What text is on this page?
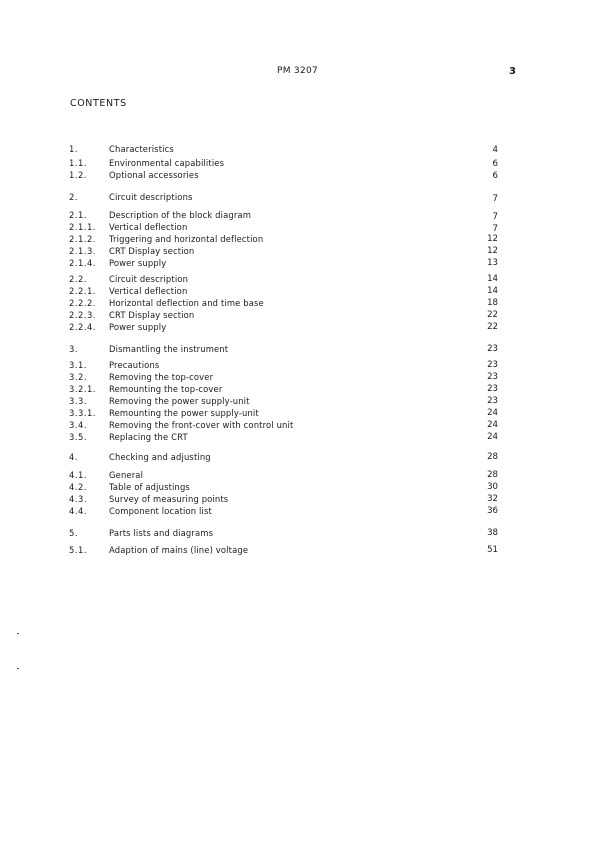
PM 3207	3
CONTENTS
1.	Characteristics	4
1.1.	Environmental capabilities	6
1.2.	Optional accessories	6
2.	Circuit descriptions	7
2.1.	Description of the block diagram	7
2.1.1. Vertical deflection	7
2.1.2. Triggering and horizontal deflection	12
2.1.3. CRT Display section	12
2.1.4. Power supply	13
2.2.	Circuit description	14
2.2.1. Vertical deflection	14
2.2.2. Horizontal deflection and time base	18
2.2.3. CRT Display section	22
2.2.4. Power supply	22
3.	Dismantling the instrument	23
3.1.	Precautions	23
3.2.	Removing the top-cover	23
3.2.1. Remounting the top-cover	23
3.3.	Removing the power supply-unit	23
3.3.1. Remounting the power supply-unit	24
3.4.	Removing the front-cover with control unit	24
3.5.	Replacing the CRT	24
4.	Checking and adjusting	28
4.1.	General	28
4.2.	Table of adjustings	30
4.3.	Survey of measuring points	32
4.4.	Component location list	36
5.	Parts lists and diagrams	38
5.1.	Adaption of mains (line) voltage	51
